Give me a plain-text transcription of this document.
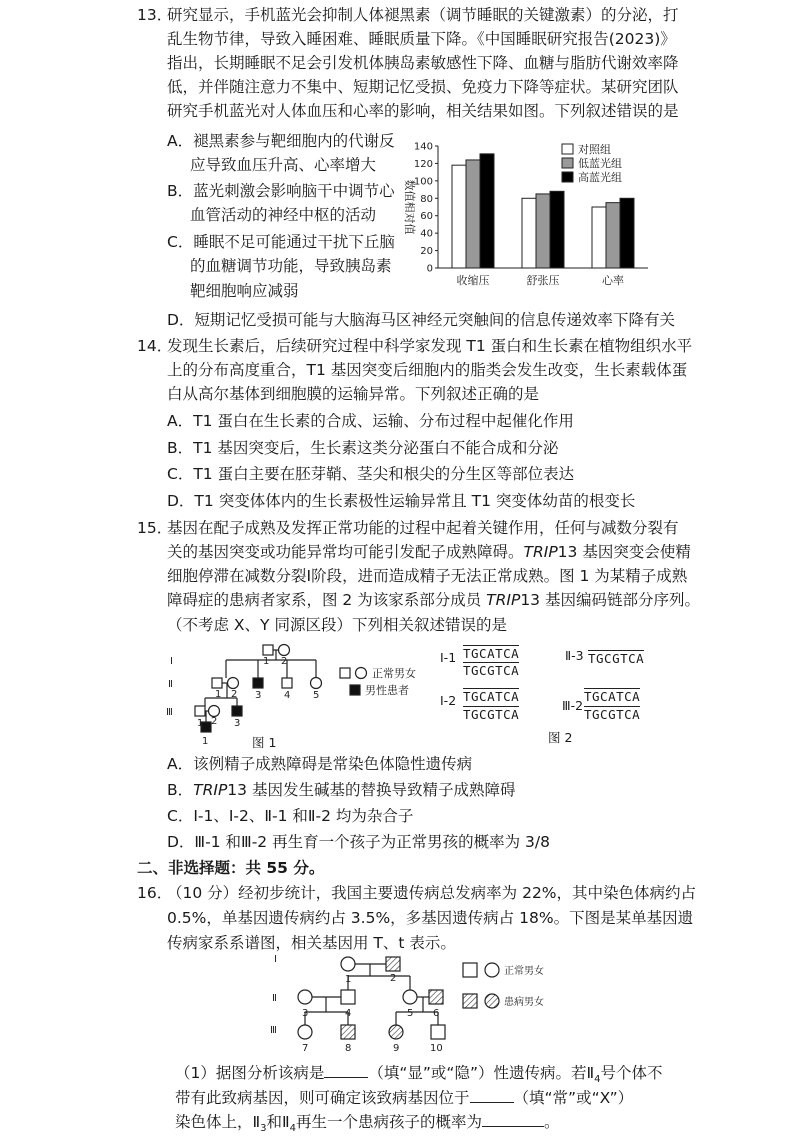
13．
研究显示，手机蓝光会抑制人体褪黑素（调节睡眠的关键激素）的分泌，打
乱生物节律，导致入睡困难、睡眠质量下降。《中国睡眠研究报告(2023)》
指出，长期睡眠不足会引发机体胰岛素敏感性下降、血糖与脂肪代谢效率降
低，并伴随注意力不集中、短期记忆受损、免疫力下降等症状。某研究团队
研究手机蓝光对人体血压和心率的影响，相关结果如图。下列叙述错误的是
A．褪黑素参与靶细胞内的代谢反
应导致血压升高、心率增大
B．蓝光刺激会影响脑干中调节心
血管活动的神经中枢的活动
C．睡眠不足可能通过干扰下丘脑
的血糖调节功能，导致胰岛素
靶细胞响应减弱
D．短期记忆受损可能与大脑海马区神经元突触间的信息传递效率下降有关
0
20
40
60
80
100
120
140
数值相对值
收缩压	舒张压	心率
对照组
低蓝光组
高蓝光组
14．
发现生长素后，后续研究过程中科学家发现 T1 蛋白和生长素在植物组织水平
上的分布高度重合，T1 基因突变后细胞内的脂类会发生改变，生长素载体蛋
白从高尔基体到细胞膜的运输异常。下列叙述正确的是
A．T1 蛋白在生长素的合成、运输、分布过程中起催化作用
B．T1 基因突变后，生长素这类分泌蛋白不能合成和分泌
C．T1 蛋白主要在胚芽鞘、茎尖和根尖的分生区等部位表达
D．T1 突变体体内的生长素极性运输异常且 T1 突变体幼苗的根变长
15．
基因在配子成熟及发挥正常功能的过程中起着关键作用，任何与减数分裂有
关的基因突变或功能异常均可能引发配子成熟障碍。TRIP13 基因突变会使精
细胞停滞在减数分裂Ⅰ阶段，进而造成精子无法正常成熟。图 1 为某精子成熟
障碍症的患病者家系，图 2 为该家系部分成员 TRIP13 基因编码链部分序列。
（不考虑 X、Y 同源区段）下列相关叙述错误的是
Ⅰ
Ⅱ
Ⅲ
1 2
1 2 3 4 5
1 2 3
1
正常男女
男性患者
图 1
Ⅰ-1 TGCATCA
TGCGTCA
Ⅰ-2 TGCATCA
TGCGTCA
Ⅱ-3 TGCGTCA
Ⅲ-2
TGCATCA
TGCGTCA
图 2
A．该例精子成熟障碍是常染色体隐性遗传病
B．TRIP13 基因发生碱基的替换导致精子成熟障碍
C．Ⅰ-1、Ⅰ-2、Ⅱ-1 和Ⅱ-2 均为杂合子
D．Ⅲ-1 和Ⅲ-2 再生育一个孩子为正常男孩的概率为 3/8
二、非选择题：共 55 分。
16．
（10 分）经初步统计，我国主要遗传病总发病率为 22%，其中染色体病约占
0.5%，单基因遗传病约占 3.5%，多基因遗传病占 18%。下图是某单基因遗
传病家系系谱图，相关基因用 T、t 表示。
Ⅰ
Ⅱ
Ⅲ
1	2
3	4	5 6
7	8	9	10
正常男女
患病男女
（1）据图分析该病是	（填“显”或“隐”）性遗传病。若$Ⅱ_4$号个体不
带有此致病基因，则可确定该致病基因位于	（填“常”或“X”）
染色体上，$Ⅱ_3$和$Ⅱ_4$再生一个患病孩子的概率为	。
